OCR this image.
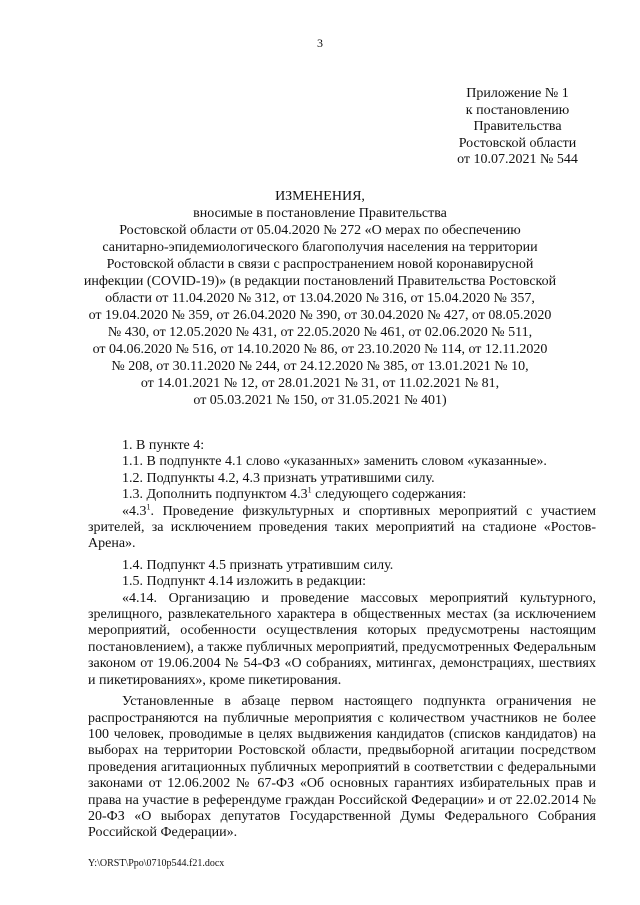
3
Приложение № 1
к постановлению
Правительства
Ростовской области
от 10.07.2021 № 544
ИЗМЕНЕНИЯ,
вносимые в постановление Правительства
Ростовской области от 05.04.2020 № 272 «О мерах по обеспечению
санитарно-эпидемиологического благополучия населения на территории
Ростовской области в связи с распространением новой коронавирусной
инфекции (COVID-19)» (в редакции постановлений Правительства Ростовской
области от 11.04.2020 № 312, от 13.04.2020 № 316, от 15.04.2020 № 357,
от 19.04.2020 № 359, от 26.04.2020 № 390, от 30.04.2020 № 427, от 08.05.2020
№ 430, от 12.05.2020 № 431, от 22.05.2020 № 461, от 02.06.2020 № 511,
от 04.06.2020 № 516, от 14.10.2020 № 86, от 23.10.2020 № 114, от 12.11.2020
№ 208, от 30.11.2020 № 244, от 24.12.2020 № 385, от 13.01.2021 № 10,
от 14.01.2021 № 12, от 28.01.2021 № 31, от 11.02.2021 № 81,
от 05.03.2021 № 150, от 31.05.2021 № 401)

1. В пункте 4:

1.1. В подпункте 4.1 слово «указанных» заменить словом «указанные».

1.2. Подпункты 4.2, 4.3 признать утратившими силу.

1.3. Дополнить подпунктом $4.3^1$ следующего содержания:

«$4.3^1$. Проведение физкультурных и спортивных мероприятий с участием зрителей, за исключением проведения таких мероприятий на стадионе «Ростов-Арена».

1.4. Подпункт 4.5 признать утратившим силу.

1.5. Подпункт 4.14 изложить в редакции:

«4.14. Организацию и проведение массовых мероприятий культурного, зрелищного, развлекательного характера в общественных местах (за исключением мероприятий, особенности осуществления которых предусмотрены настоящим постановлением), а также публичных мероприятий, предусмотренных Федеральным законом от 19.06.2004 № 54-ФЗ «О собраниях, митингах, демонстрациях, шествиях и пикетированиях», кроме пикетирования.

Установленные в абзаце первом настоящего подпункта ограничения не распространяются на публичные мероприятия с количеством участников не более 100 человек, проводимые в целях выдвижения кандидатов (списков кандидатов) на выборах на территории Ростовской области, предвыборной агитации посредством проведения агитационных публичных мероприятий в соответствии с федеральными законами от 12.06.2002 № 67-ФЗ «Об основных гарантиях избирательных прав и права на участие в референдуме граждан Российской Федерации» и от 22.02.2014 № 20-ФЗ «О выборах депутатов Государственной Думы Федерального Собрания Российской Федерации».

Y:\ORST\Ppo\0710p544.f21.docx
